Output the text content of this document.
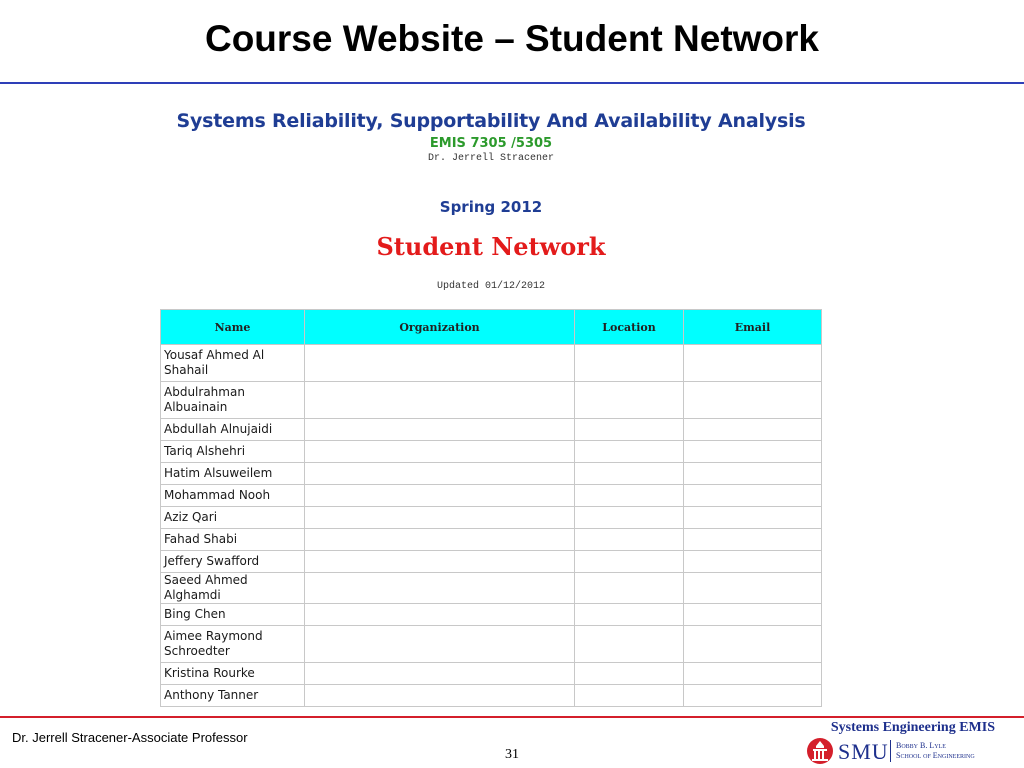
Course Website – Student Network
Systems Reliability, Supportability And Availability Analysis
EMIS 7305 /5305
Dr. Jerrell Stracener
Spring 2012
Student Network
Updated 01/12/2012
Name	Organization	Location	Email
Yousaf Ahmed Al Shahail			
Abdulrahman Albuainain			
Abdullah Alnujaidi			
Tariq Alshehri			
Hatim Alsuweilem			
Mohammad Nooh			
Aziz Qari			
Fahad Shabi			
Jeffery Swafford			
Saeed Ahmed Alghamdi			
Bing Chen			
Aimee Raymond Schroedter			
Kristina Rourke			
Anthony Tanner			
Dr. Jerrell Stracener-Associate Professor
31
Systems Engineering EMIS
SMU Bobby B. Lyle
School of Engineering
